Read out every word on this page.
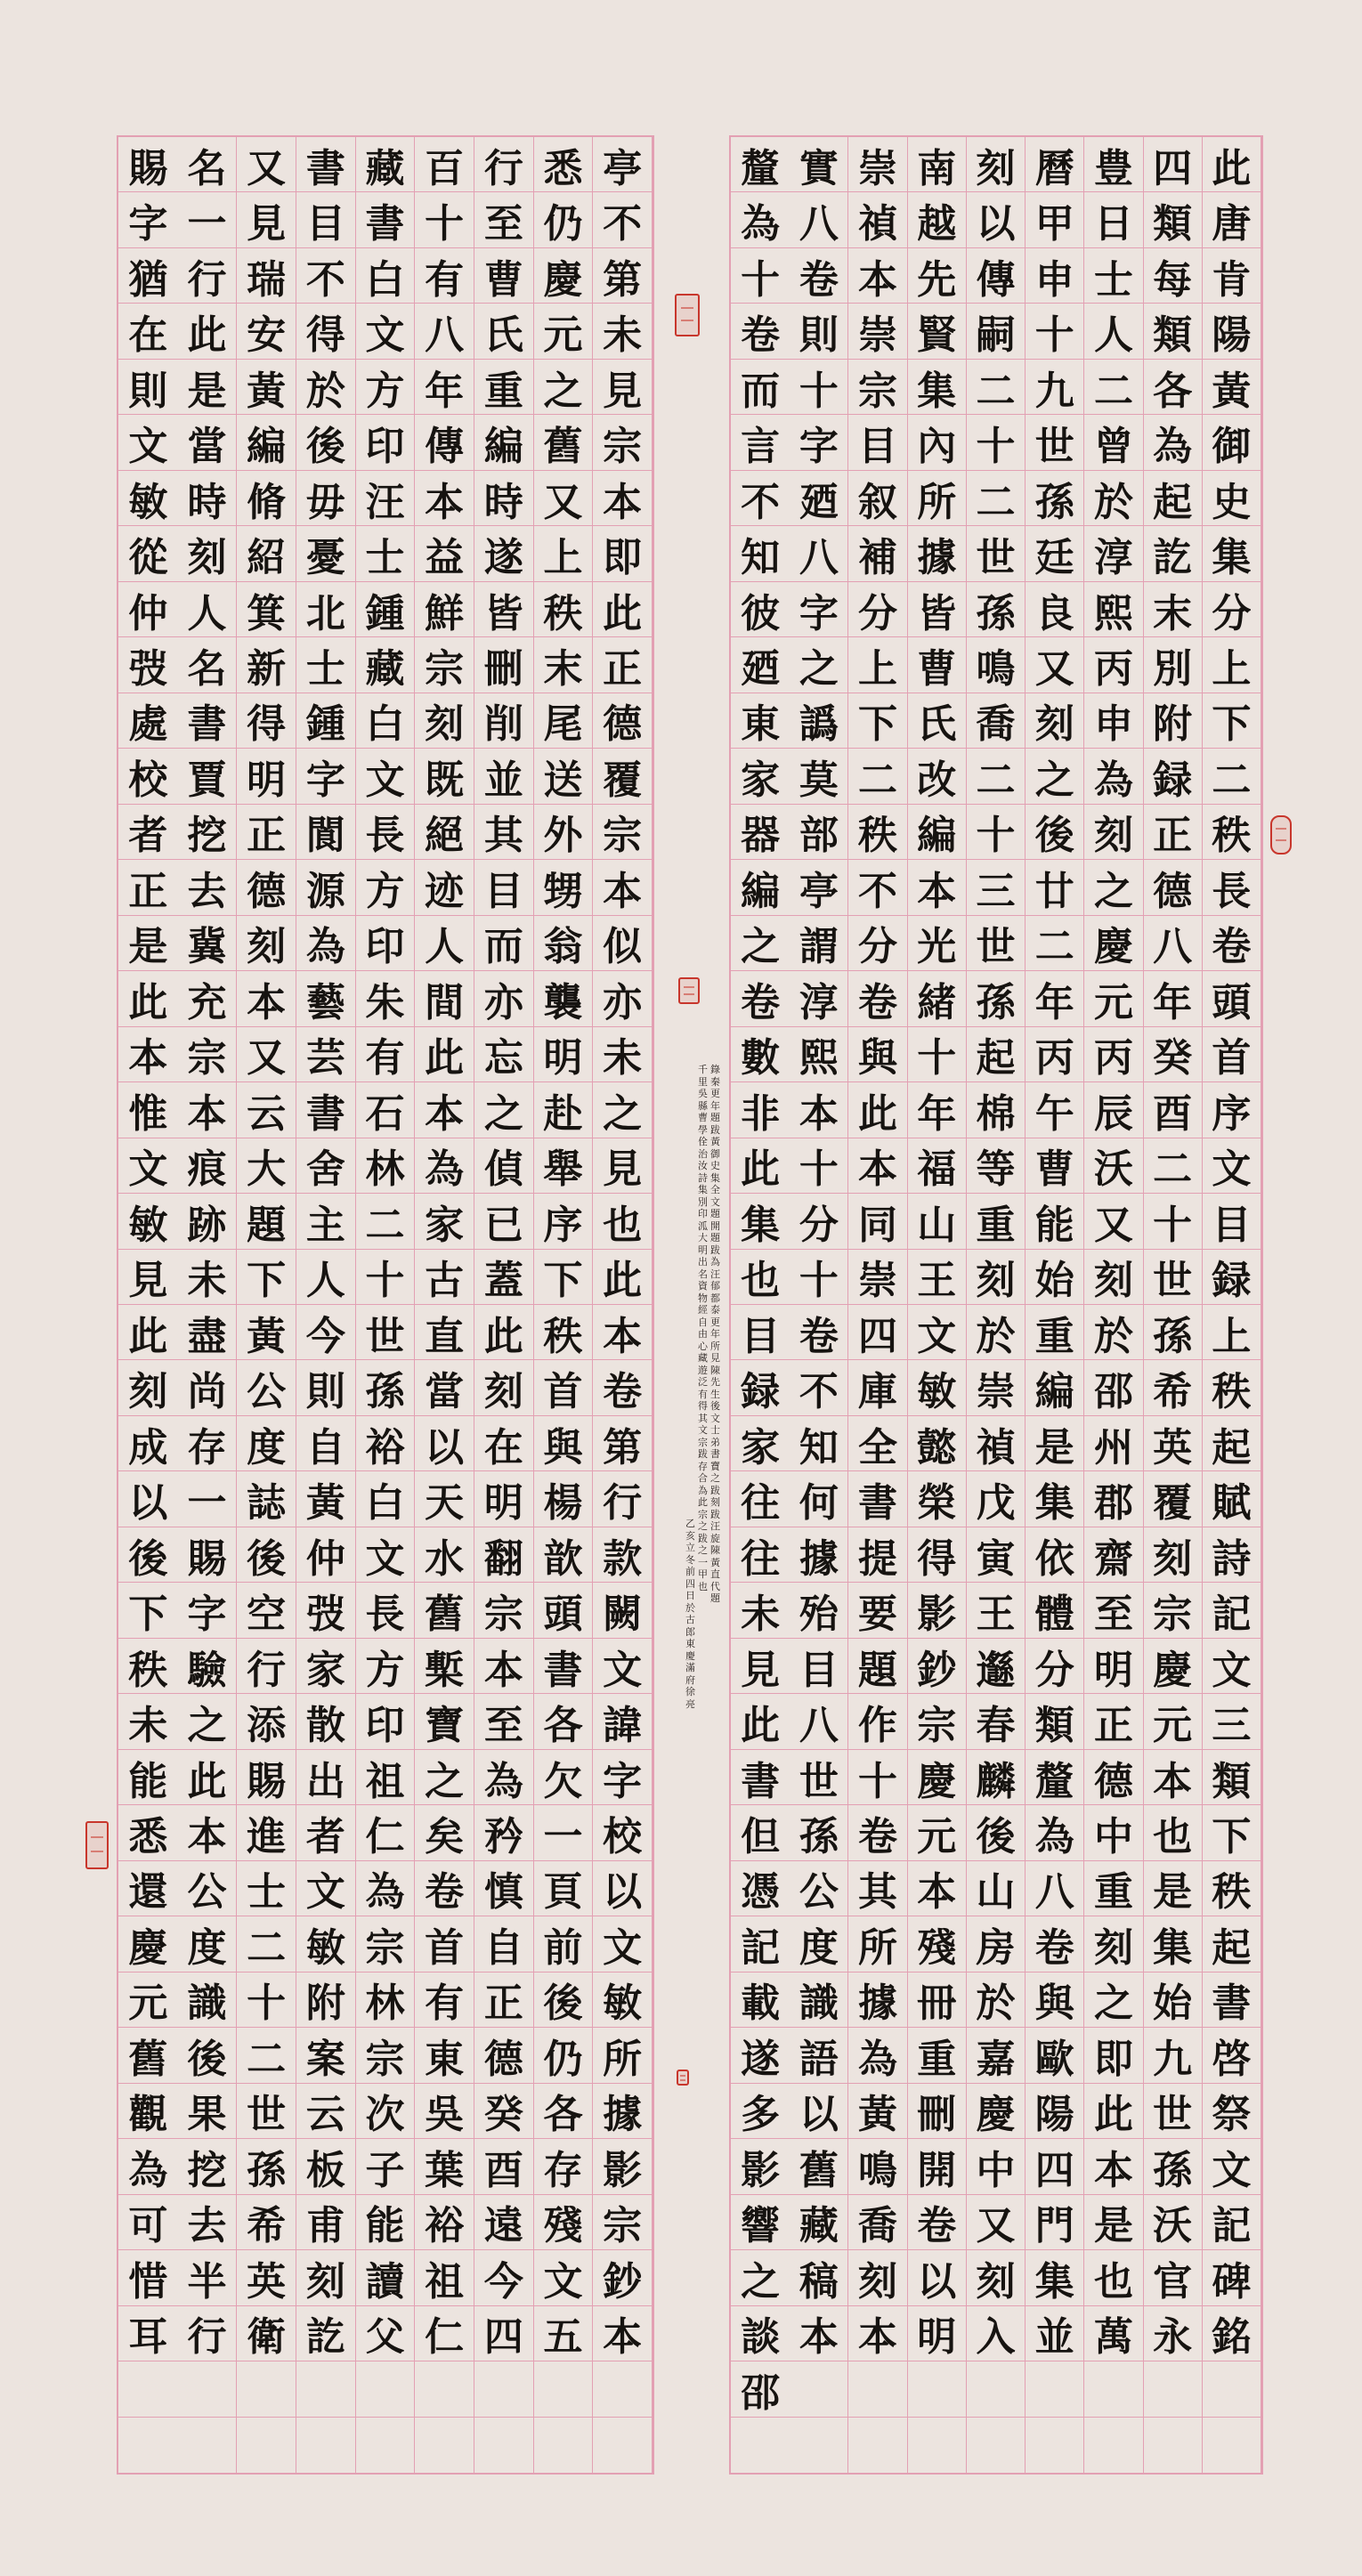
此
唐
肯
陽
黃
御
史
集
分
上
下
二
秩
長
卷
頭
首
序
文
目
録
上
秩
起
賦
詩
記
文
三
類
下
秩
起
書
啓
祭
文
記
碑
銘
四
類
每
類
各
為
起
訖
末
別
附
録
正
德
八
年
癸
酉
二
十
世
孫
希
英
覆
刻
宗
慶
元
本
也
是
集
始
九
世
孫
沃
官
永
豊
日
士
人
二
曾
於
淳
熙
丙
申
為
刻
之
慶
元
丙
辰
沃
又
刻
於
邵
州
郡
齋
至
明
正
德
中
重
刻
之
即
此
本
是
也
萬
曆
甲
申
十
九
世
孫
廷
良
又
刻
之
後
廿
二
年
丙
午
曹
能
始
重
編
是
集
依
體
分
類
釐
為
八
卷
與
歐
陽
四
門
集
並
刻
以
傳
嗣
二
十
二
世
孫
鳴
喬
二
十
三
世
孫
起
棉
等
重
刻
於
崇
禎
戊
寅
王
邎
春
麟
後
山
房
於
嘉
慶
中
又
刻
入
南
越
先
賢
集
內
所
據
皆
曹
氏
改
編
本
光
緒
十
年
福
山
王
文
敏
懿
榮
得
影
鈔
宗
慶
元
本
殘
冊
重
刪
開
卷
以
明
崇
禎
本
崇
宗
目
叙
補
分
上
下
二
秩
不
分
卷
與
此
本
同
崇
四
庫
全
書
提
要
題
作
十
卷
其
所
據
為
黃
鳴
喬
刻
本
實
八
卷
則
十
字
廼
八
字
之
譌
莫
部
亭
謂
淳
熙
本
十
分
十
卷
不
知
何
據
殆
目
八
世
孫
公
度
識
語
以
舊
藏
稿
本
釐
為
十
卷
而
言
不
知
彼
廼
東
家
器
編
之
卷
數
非
此
集
也
目
録
家
往
往
未
見
此
書
但
憑
記
載
遂
多
影
響
之
談
邵
亭
不
第
未
見
宗
本
即
此
正
德
覆
宗
本
似
亦
未
之
見
也
此
本
卷
第
行
款
闕
文
諱
字
校
以
文
敏
所
據
影
宗
鈔
本
悉
仍
慶
元
之
舊
又
上
秩
末
尾
送
外
甥
翁
襲
明
赴
舉
序
下
秩
首
與
楊
歆
頭
書
各
欠
一
頁
前
後
仍
各
存
殘
文
五
行
至
曹
氏
重
編
時
遂
皆
刪
削
並
其
目
而
亦
忘
之
偵
已
蓋
此
刻
在
明
翻
宗
本
至
為
矜
慎
自
正
德
癸
酉
遠
今
四
百
十
有
八
年
傳
本
益
鮮
宗
刻
既
絕
迹
人
間
此
本
為
家
古
直
當
以
天
水
舊
槧
寶
之
矣
卷
首
有
東
吳
葉
裕
祖
仁
藏
書
白
文
方
印
汪
士
鍾
藏
白
文
長
方
印
朱
有
石
林
二
十
世
孫
裕
白
文
長
方
印
祖
仁
為
宗
林
宗
次
子
能
讀
父
書
目
不
得
於
後
毋
憂
北
士
鍾
字
閬
源
為
藝
芸
書
舍
主
人
今
則
自
黃
仲
弢
家
散
出
者
文
敏
附
案
云
板
甫
刻
訖
又
見
瑞
安
黃
編
脩
紹
箕
新
得
明
正
德
刻
本
又
云
大
題
下
黃
公
度
誌
後
空
行
添
賜
進
士
二
十
二
世
孫
希
英
衛
名
一
行
此
是
當
時
刻
人
名
書
賈
挖
去
冀
充
宗
本
痕
跡
未
盡
尚
存
一
賜
字
驗
之
此
本
公
度
識
後
果
挖
去
半
行
賜
字
猶
在
則
文
敏
從
仲
弢
處
校
者
正
是
此
本
惟
文
敏
見
此
刻
成
以
後
下
秩
未
能
悉
還
慶
元
舊
觀
為
可
惜
耳
錄秦更年題跋黃御史集全文題開題跋為汪郁都泰更年所見陳先生後文士弟書寶之跋刻跋汪旋陳黃直代題
千里吳縣曹學佺治汝詩集別印泒大明出名資物經自由心藏遊泛有得其文宗跋存合為此宗之跋之一甲也
乙亥立冬前四日於古郎東慶滿府徐亮
